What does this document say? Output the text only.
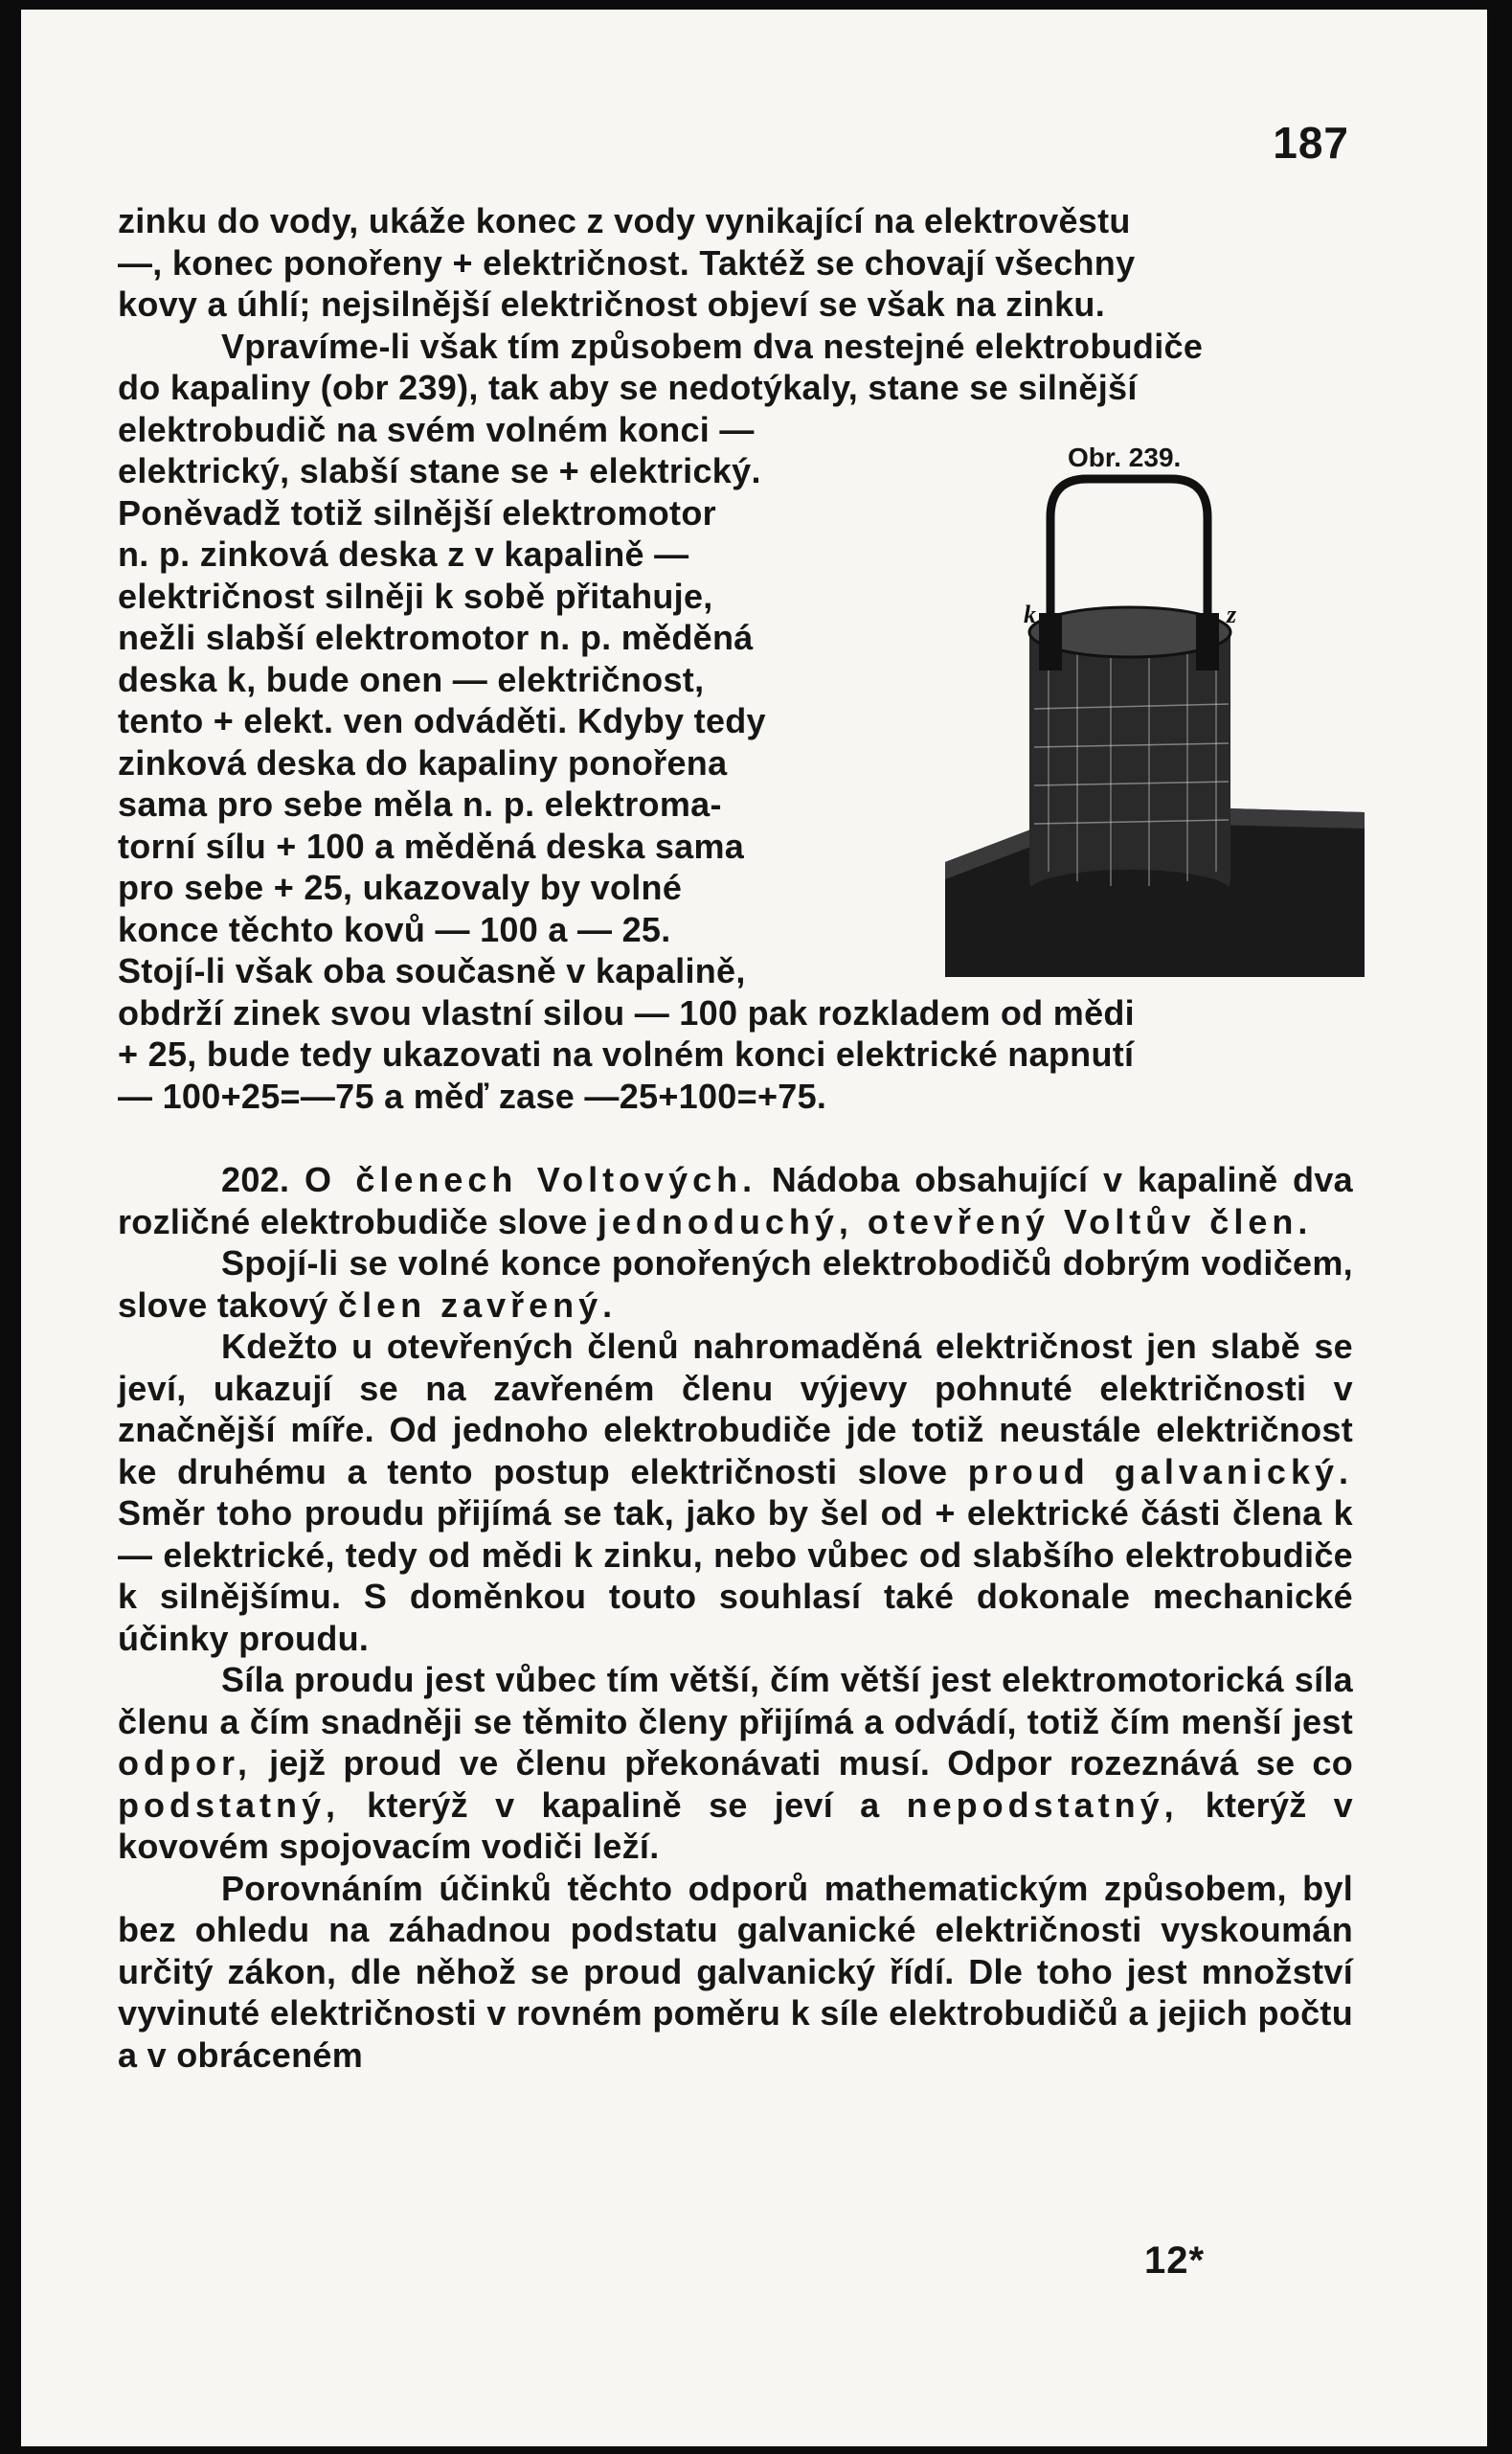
187

zinku do vody, ukáže konec z vody vynikající na elektrověstu

—, konec ponořeny + električnost. Taktéž se chovají všechny

kovy a úhlí; nejsilnější električnost objeví se však na zinku.

Vpravíme-li však tím způsobem dva nestejné elektrobudiče

do kapaliny (obr 239), tak aby se nedotýkaly, stane se silnější

elektrobudič na svém volném konci —

elektrický, slabší stane se + elektrický.

Poněvadž totiž silnější elektromotor

n. p. zinková deska z v kapalině —

električnost silněji k sobě přitahuje,

nežli slabší elektromotor n. p. měděná

deska k, bude onen — električnost,

tento + elekt. ven odváděti. Kdyby tedy

zinková deska do kapaliny ponořena

sama pro sebe měla n. p. elektroma-

torní sílu + 100 a měděná deska sama

pro sebe + 25, ukazovaly by volné

konce těchto kovů — 100 a — 25.

Stojí-li však oba současně v kapalině,

obdrží zinek svou vlastní silou — 100 pak rozkladem od mědi

+ 25, bude tedy ukazovati na volném konci elektrické napnutí

— 100+25=—75 a měď zase —25+100=+75.

Obr. 239.
k	z

202. O členech Voltových. Nádoba obsahující v kapalině dva rozličné elektrobudiče slove jednoduchý, otevřený Voltův člen.

Spojí-li se volné konce ponořených elektrobodičů dobrým vodičem, slove takový člen zavřený.

Kdežto u otevřených členů nahromaděná električnost jen slabě se jeví, ukazují se na zavřeném členu výjevy pohnuté električnosti v značnější míře. Od jednoho elektrobudiče jde totiž neustále električnost ke druhému a tento postup električnosti slove proud galvanický. Směr toho proudu přijímá se tak, jako by šel od + elektrické části člena k — elektrické, tedy od mědi k zinku, nebo vůbec od slabšího elektrobudiče k silnějšímu. S doměnkou touto souhlasí také dokonale mechanické účinky proudu.

Síla proudu jest vůbec tím větší, čím větší jest elektromotorická síla členu a čím snadněji se těmito členy přijímá a odvádí, totiž čím menší jest odpor, jejž proud ve členu překonávati musí. Odpor rozeznává se co podstatný, kterýž v kapalině se jeví a nepodstatný, kterýž v kovovém spojovacím vodiči leží.

Porovnáním účinků těchto odporů mathematickým způsobem, byl bez ohledu na záhadnou podstatu galvanické električnosti vyskoumán určitý zákon, dle něhož se proud galvanický řídí. Dle toho jest množství vyvinuté električnosti v rovném poměru k síle elektrobudičů a jejich počtu a v obráceném

12*
